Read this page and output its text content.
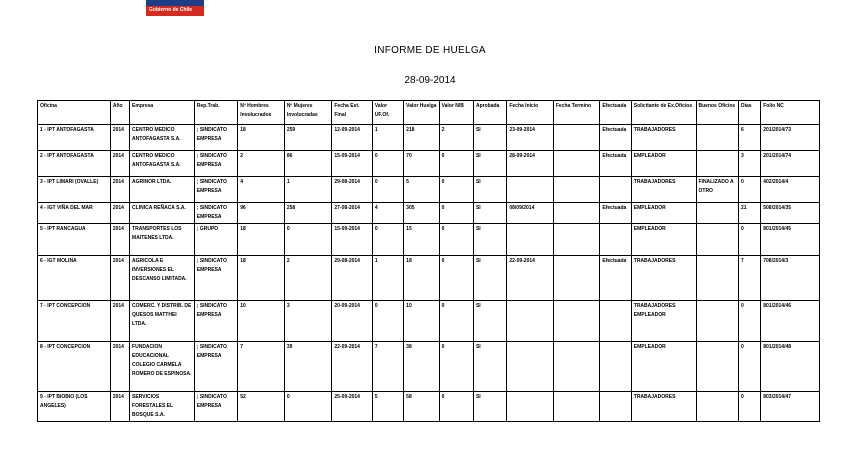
Gobierno de Chile
INFORME DE HUELGA
28-09-2014
Oficina	Año	Empresa	Rep.Trab.	Nº Hombres Involucrados	Nº Mujeres Involucradas	Fecha Est. Final	Valor UF.Of.	Valor Huelga	Valor N/B	Aprobada	Fecha Inicio	Fecha Termino	Efectuada	Solicitante de Ex.Oficios	Buenos Oficios	Días	Folio NC
1 - IPT ANTOFAGASTA	2014	CENTRO MEDICO ANTOFAGASTA S.A.	; SINDICATO EMPRESA	18	259	12-09-2014	1	218	2	SI	23-09-2014		Efectuada	TRABAJADORES		6	201/2014/73
2 - IPT ANTOFAGASTA	2014	CENTRO MEDICO ANTOFAGASTA S.A.	; SINDICATO EMPRESA	2	86	15-09-2014	0	70	0	SI	28-09-2014		Efectuada	EMPLEADOR		3	201/2014/74
3 - IPT LIMARI (OVALLE)	2014	AGRINOR LTDA.	; SINDICATO EMPRESA	4	1	29-08-2014	0	5	0	SI				TRABAJADORES	FINALIZADO A OTRO	0	402/2014/4
4 - IGT VIÑA DEL MAR	2014	CLINICA REÑACA S.A.	; SINDICATO EMPRESA	96	258	27-08-2014	4	305	0	SI	08/09/2014		Efectuada	EMPLEADOR		21	508/2014/35
5 - IPT RANCAGUA	2014	TRANSPORTES LOS MAITENES LTDA.	; GRUPO	18	0	15-09-2014	0	15	0	SI				EMPLEADOR		0	801/2014/45
6 - IGT MOLINA	2014	AGRICOLA E INVERSIONES EL DESCANSO LIMITADA.	; SINDICATO EMPRESA	18	2	29-08-2014	1	18	0	SI	22-09-2014		Efectuada	TRABAJADORES		7	708/2014/3
7 - IPT CONCEPCION	2014	COMERC. Y DISTRIB. DE QUESOS MATTHEI LTDA.	; SINDICATO EMPRESA	10	3	20-09-2014	0	10	0	SI				TRABAJADORES EMPLEADOR		0	801/2014/46
8 - IPT CONCEPCION	2014	FUNDACION EDUCACIONAL COLEGIO CARMELA ROMERO DE ESPINOSA.	; SINDICATO EMPRESA	7	39	22-09-2014	7	38	0	SI				EMPLEADOR		0	801/2014/48
9 - IPT BIOBIO (LOS ANGELES)	2014	SERVICIOS FORESTALES EL BOSQUE S.A.	; SINDICATO EMPRESA	52	0	25-09-2014	5	58	0	SI				TRABAJADORES		0	803/2014/47
